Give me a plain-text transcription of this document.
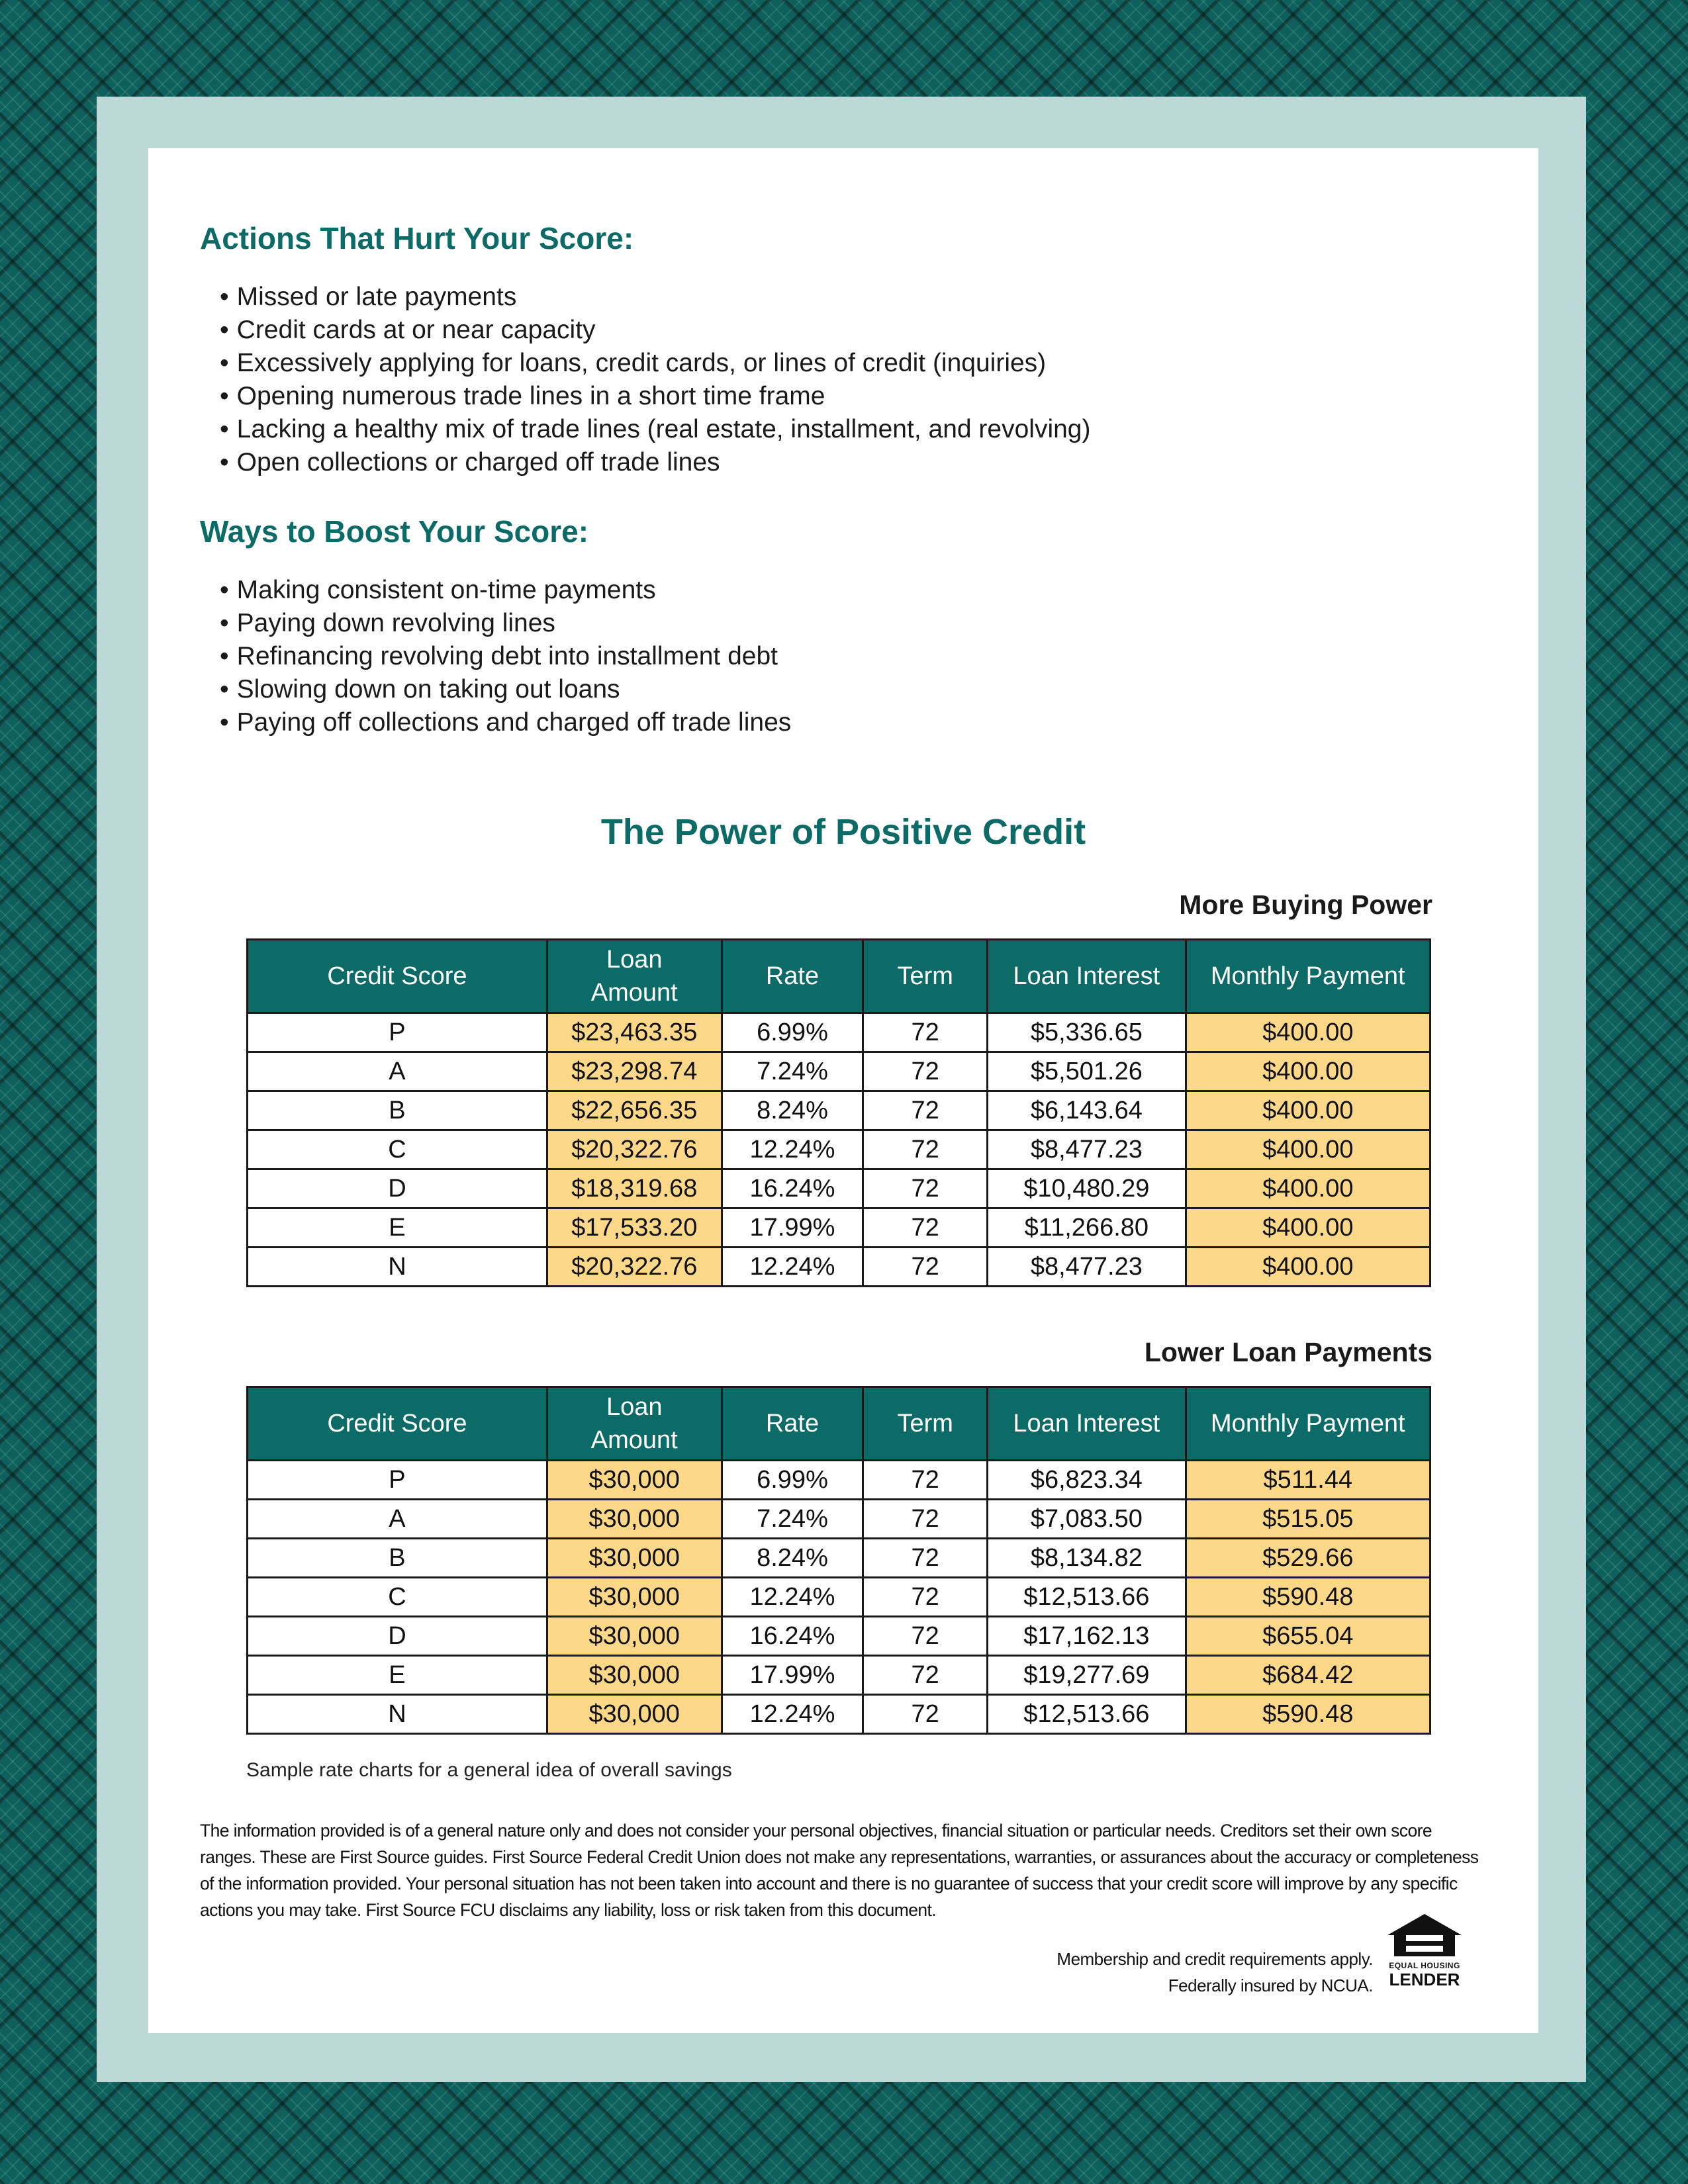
Actions That Hurt Your Score:
• Missed or late payments
• Credit cards at or near capacity
• Excessively applying for loans, credit cards, or lines of credit (inquiries)
• Opening numerous trade lines in a short time frame
• Lacking a healthy mix of trade lines (real estate, installment, and revolving)
• Open collections or charged off trade lines
Ways to Boost Your Score:
• Making consistent on-time payments
• Paying down revolving lines
• Refinancing revolving debt into installment debt
• Slowing down on taking out loans
• Paying off collections and charged off trade lines
The Power of Positive Credit

More Buying Power

Credit Score	Loan Amount	Rate	Term	Loan Interest	Monthly Payment
P	$23,463.35	6.99%	72	$5,336.65	$400.00
A	$23,298.74	7.24%	72	$5,501.26	$400.00
B	$22,656.35	8.24%	72	$6,143.64	$400.00
C	$20,322.76	12.24%	72	$8,477.23	$400.00
D	$18,319.68	16.24%	72	$10,480.29	$400.00
E	$17,533.20	17.99%	72	$11,266.80	$400.00
N	$20,322.76	12.24%	72	$8,477.23	$400.00

Lower Loan Payments

Credit Score	Loan Amount	Rate	Term	Loan Interest	Monthly Payment
P	$30,000	6.99%	72	$6,823.34	$511.44
A	$30,000	7.24%	72	$7,083.50	$515.05
B	$30,000	8.24%	72	$8,134.82	$529.66
C	$30,000	12.24%	72	$12,513.66	$590.48
D	$30,000	16.24%	72	$17,162.13	$655.04
E	$30,000	17.99%	72	$19,277.69	$684.42
N	$30,000	12.24%	72	$12,513.66	$590.48

Sample rate charts for a general idea of overall savings

The information provided is of a general nature only and does not consider your personal objectives, financial situation or particular needs. Creditors set their own score ranges. These are First Source guides. First Source Federal Credit Union does not make any representations, warranties, or assurances about the accuracy or completeness of the information provided. Your personal situation has not been taken into account and there is no guarantee of success that your credit score will improve by any specific actions you may take. First Source FCU disclaims any liability, loss or risk taken from this document.

Membership and credit requirements apply.
Federally insured by NCUA.
EQUAL HOUSING
LENDER
